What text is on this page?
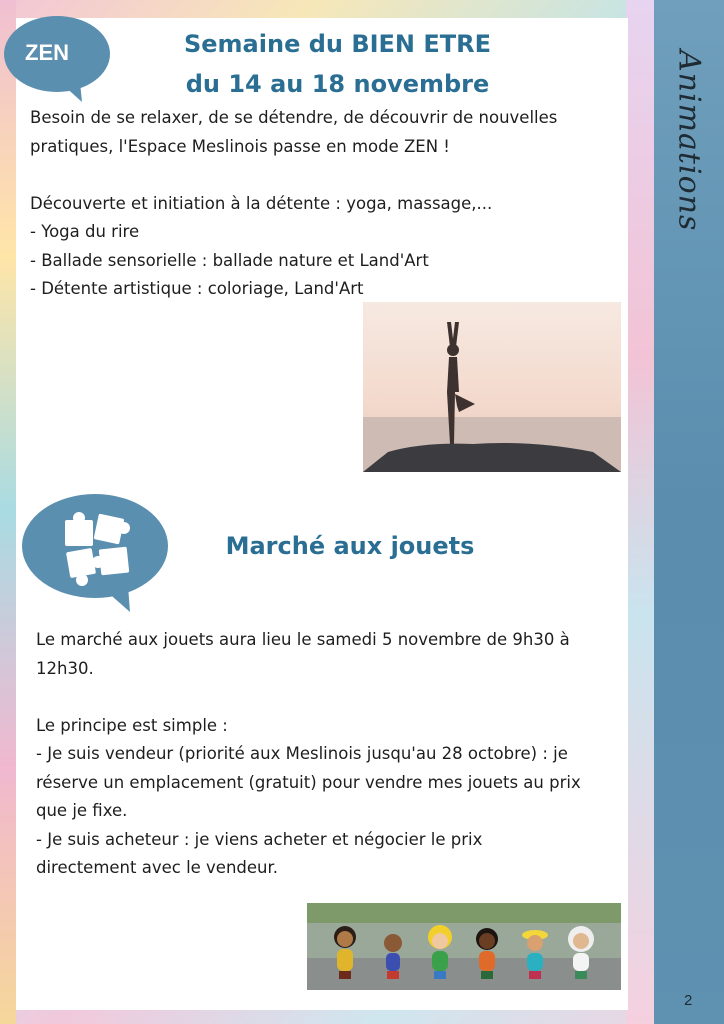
Animations
ZEN	Semaine du BIEN ETRE
du 14 au 18 novembre
Besoin de se relaxer, de se détendre, de découvrir de nouvelles
pratiques, l'Espace Meslinois passe en mode ZEN !

Découverte et initiation à la détente : yoga, massage,...
- Yoga du rire
- Ballade sensorielle : ballade nature et Land'Art
- Détente artistique : coloriage, Land'Art
Marché aux jouets
Le marché aux jouets aura lieu le samedi 5 novembre de 9h30 à
12h30.

Le principe est simple :
- Je suis vendeur (priorité aux Meslinois jusqu'au 28 octobre) : je
réserve un emplacement (gratuit) pour vendre mes jouets au prix
que je fixe.
- Je suis acheteur : je viens acheter et négocier le prix
directement avec le vendeur.
2
